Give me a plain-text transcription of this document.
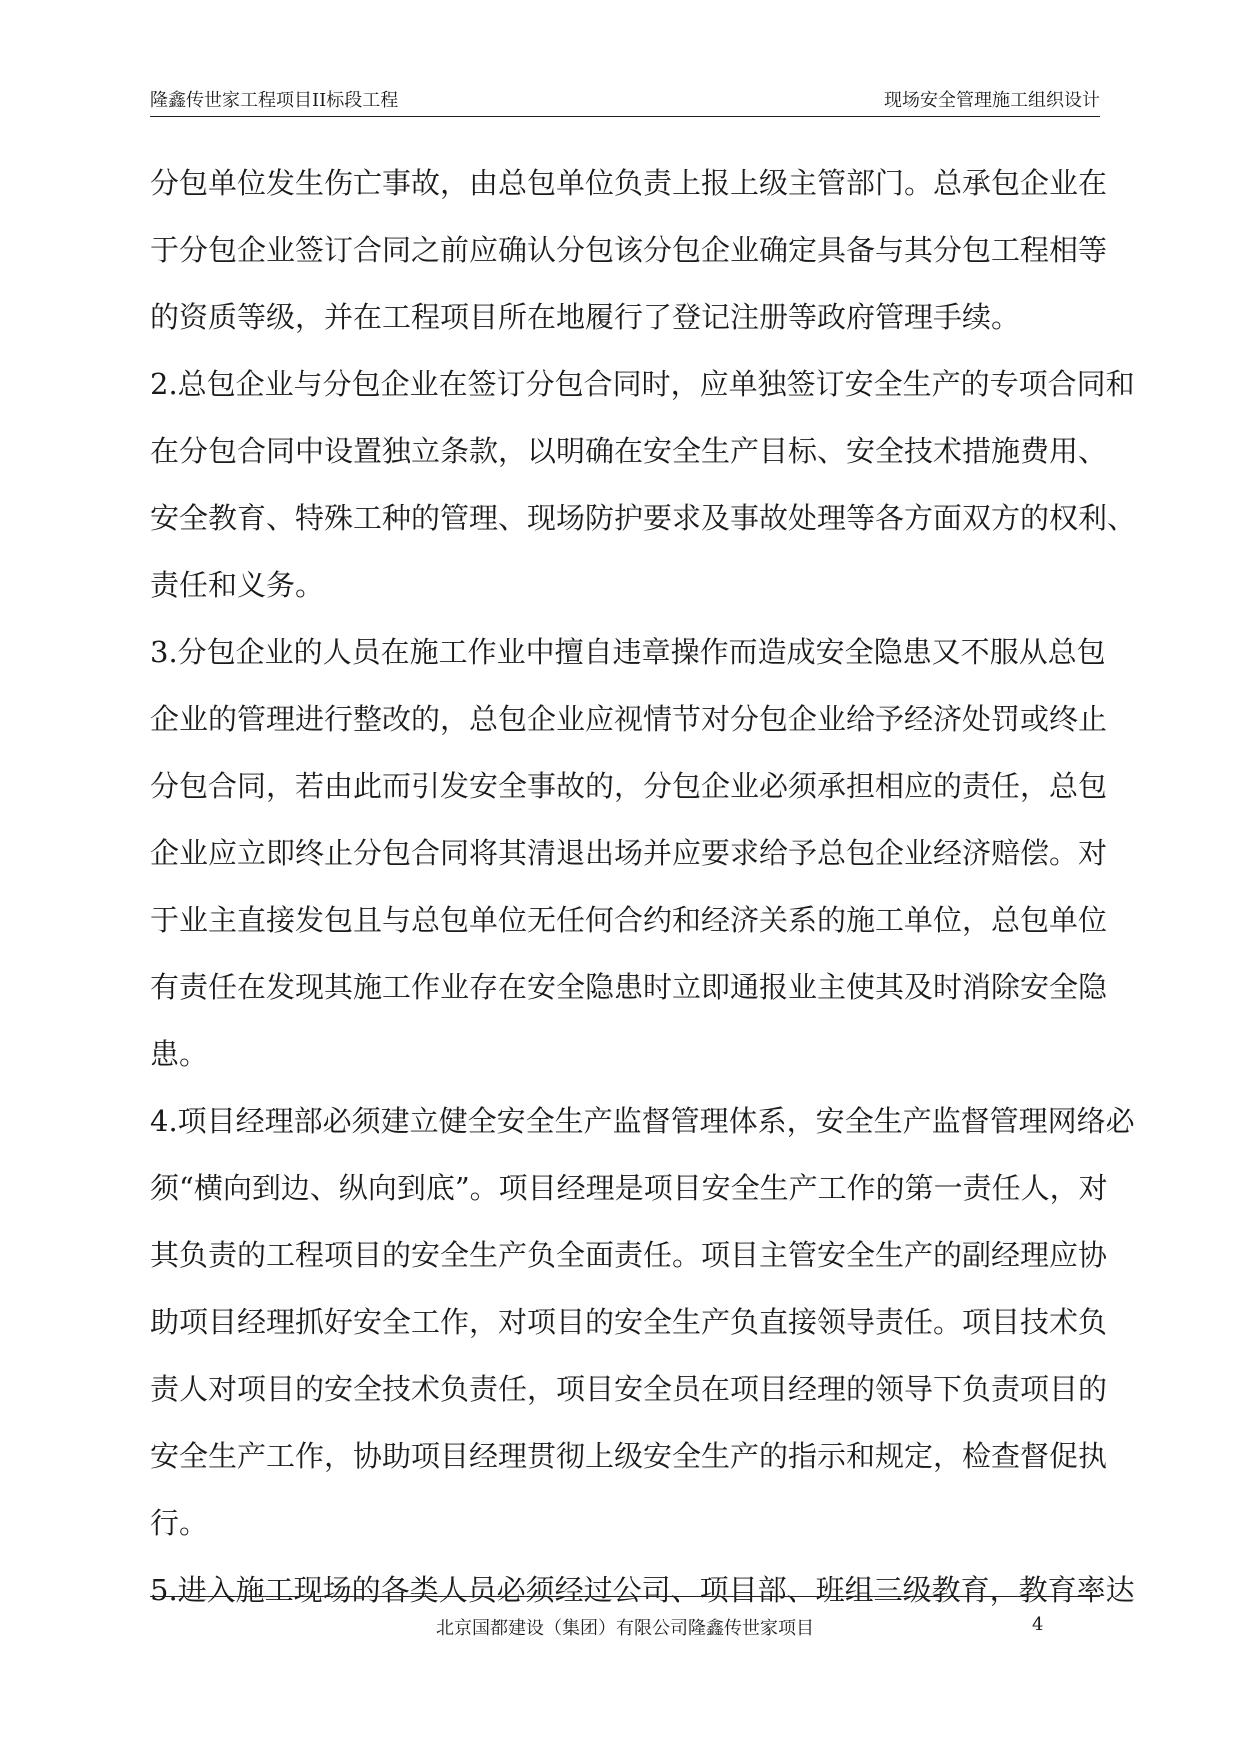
隆鑫传世家工程项目II标段工程	现场安全管理施工组织设计
分包单位发生伤亡事故，由总包单位负责上报上级主管部门。总承包企业在
于分包企业签订合同之前应确认分包该分包企业确定具备与其分包工程相等
的资质等级，并在工程项目所在地履行了登记注册等政府管理手续。
2.总包企业与分包企业在签订分包合同时，应单独签订安全生产的专项合同和
在分包合同中设置独立条款，以明确在安全生产目标、安全技术措施费用、
安全教育、特殊工种的管理、现场防护要求及事故处理等各方面双方的权利、
责任和义务。
3.分包企业的人员在施工作业中擅自违章操作而造成安全隐患又不服从总包
企业的管理进行整改的，总包企业应视情节对分包企业给予经济处罚或终止
分包合同，若由此而引发安全事故的，分包企业必须承担相应的责任，总包
企业应立即终止分包合同将其清退出场并应要求给予总包企业经济赔偿。对
于业主直接发包且与总包单位无任何合约和经济关系的施工单位，总包单位
有责任在发现其施工作业存在安全隐患时立即通报业主使其及时消除安全隐
患。
4.项目经理部必须建立健全安全生产监督管理体系，安全生产监督管理网络必
须“横向到边、纵向到底”。项目经理是项目安全生产工作的第一责任人，对
其负责的工程项目的安全生产负全面责任。项目主管安全生产的副经理应协
助项目经理抓好安全工作，对项目的安全生产负直接领导责任。项目技术负
责人对项目的安全技术负责任，项目安全员在项目经理的领导下负责项目的
安全生产工作，协助项目经理贯彻上级安全生产的指示和规定，检查督促执
行。
5.进入施工现场的各类人员必须经过公司、项目部、班组三级教育，教育率达
北京国都建设（集团）有限公司隆鑫传世家项目	4
